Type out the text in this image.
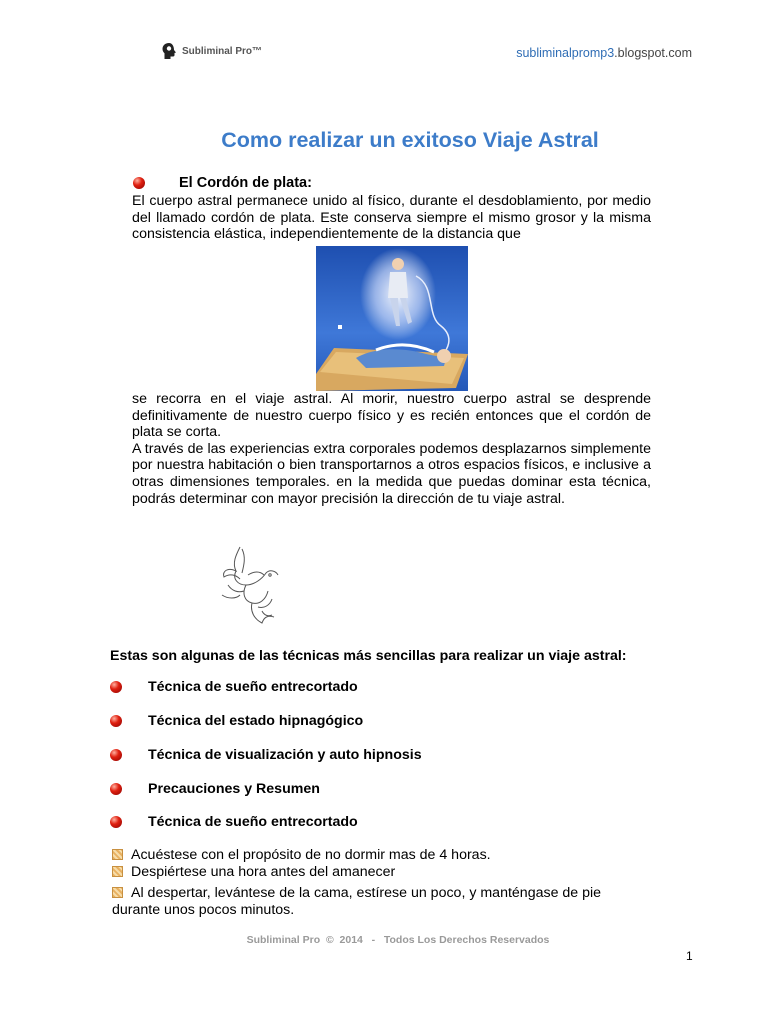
Subliminal Pro™	subliminalpromp3.blogspot.com
Como realizar un exitoso Viaje Astral
El Cordón de plata:

El cuerpo astral permanece unido al físico, durante el desdoblamiento, por medio del llamado cordón de plata. Este conserva siempre el mismo grosor y la misma consistencia elástica, independientemente de la distancia que

se recorra en el viaje astral. Al morir, nuestro cuerpo astral se desprende definitivamente de nuestro cuerpo físico y es recién entonces que el cordón de plata se corta.

A través de las experiencias extra corporales podemos desplazarnos simplemente por nuestra habitación o bien transportarnos a otros espacios físicos, e inclusive a otras dimensiones temporales. en la medida que puedas dominar esta técnica, podrás determinar con mayor precisión la dirección de tu viaje astral.

Estas son algunas de las técnicas más sencillas para realizar un viaje astral:
Técnica de sueño entrecortado
Técnica del estado hipnagógico
Técnica de visualización y auto hipnosis
Precauciones y Resumen
Técnica de sueño entrecortado
Acuéstese con el propósito de no dormir mas de 4 horas.
Despiértese una hora antes del amanecer
Al despertar, levántese de la cama, estírese un poco, y manténgase de pie durante unos pocos minutos.
Subliminal Pro  ©  2014   -   Todos Los Derechos Reservados
1
